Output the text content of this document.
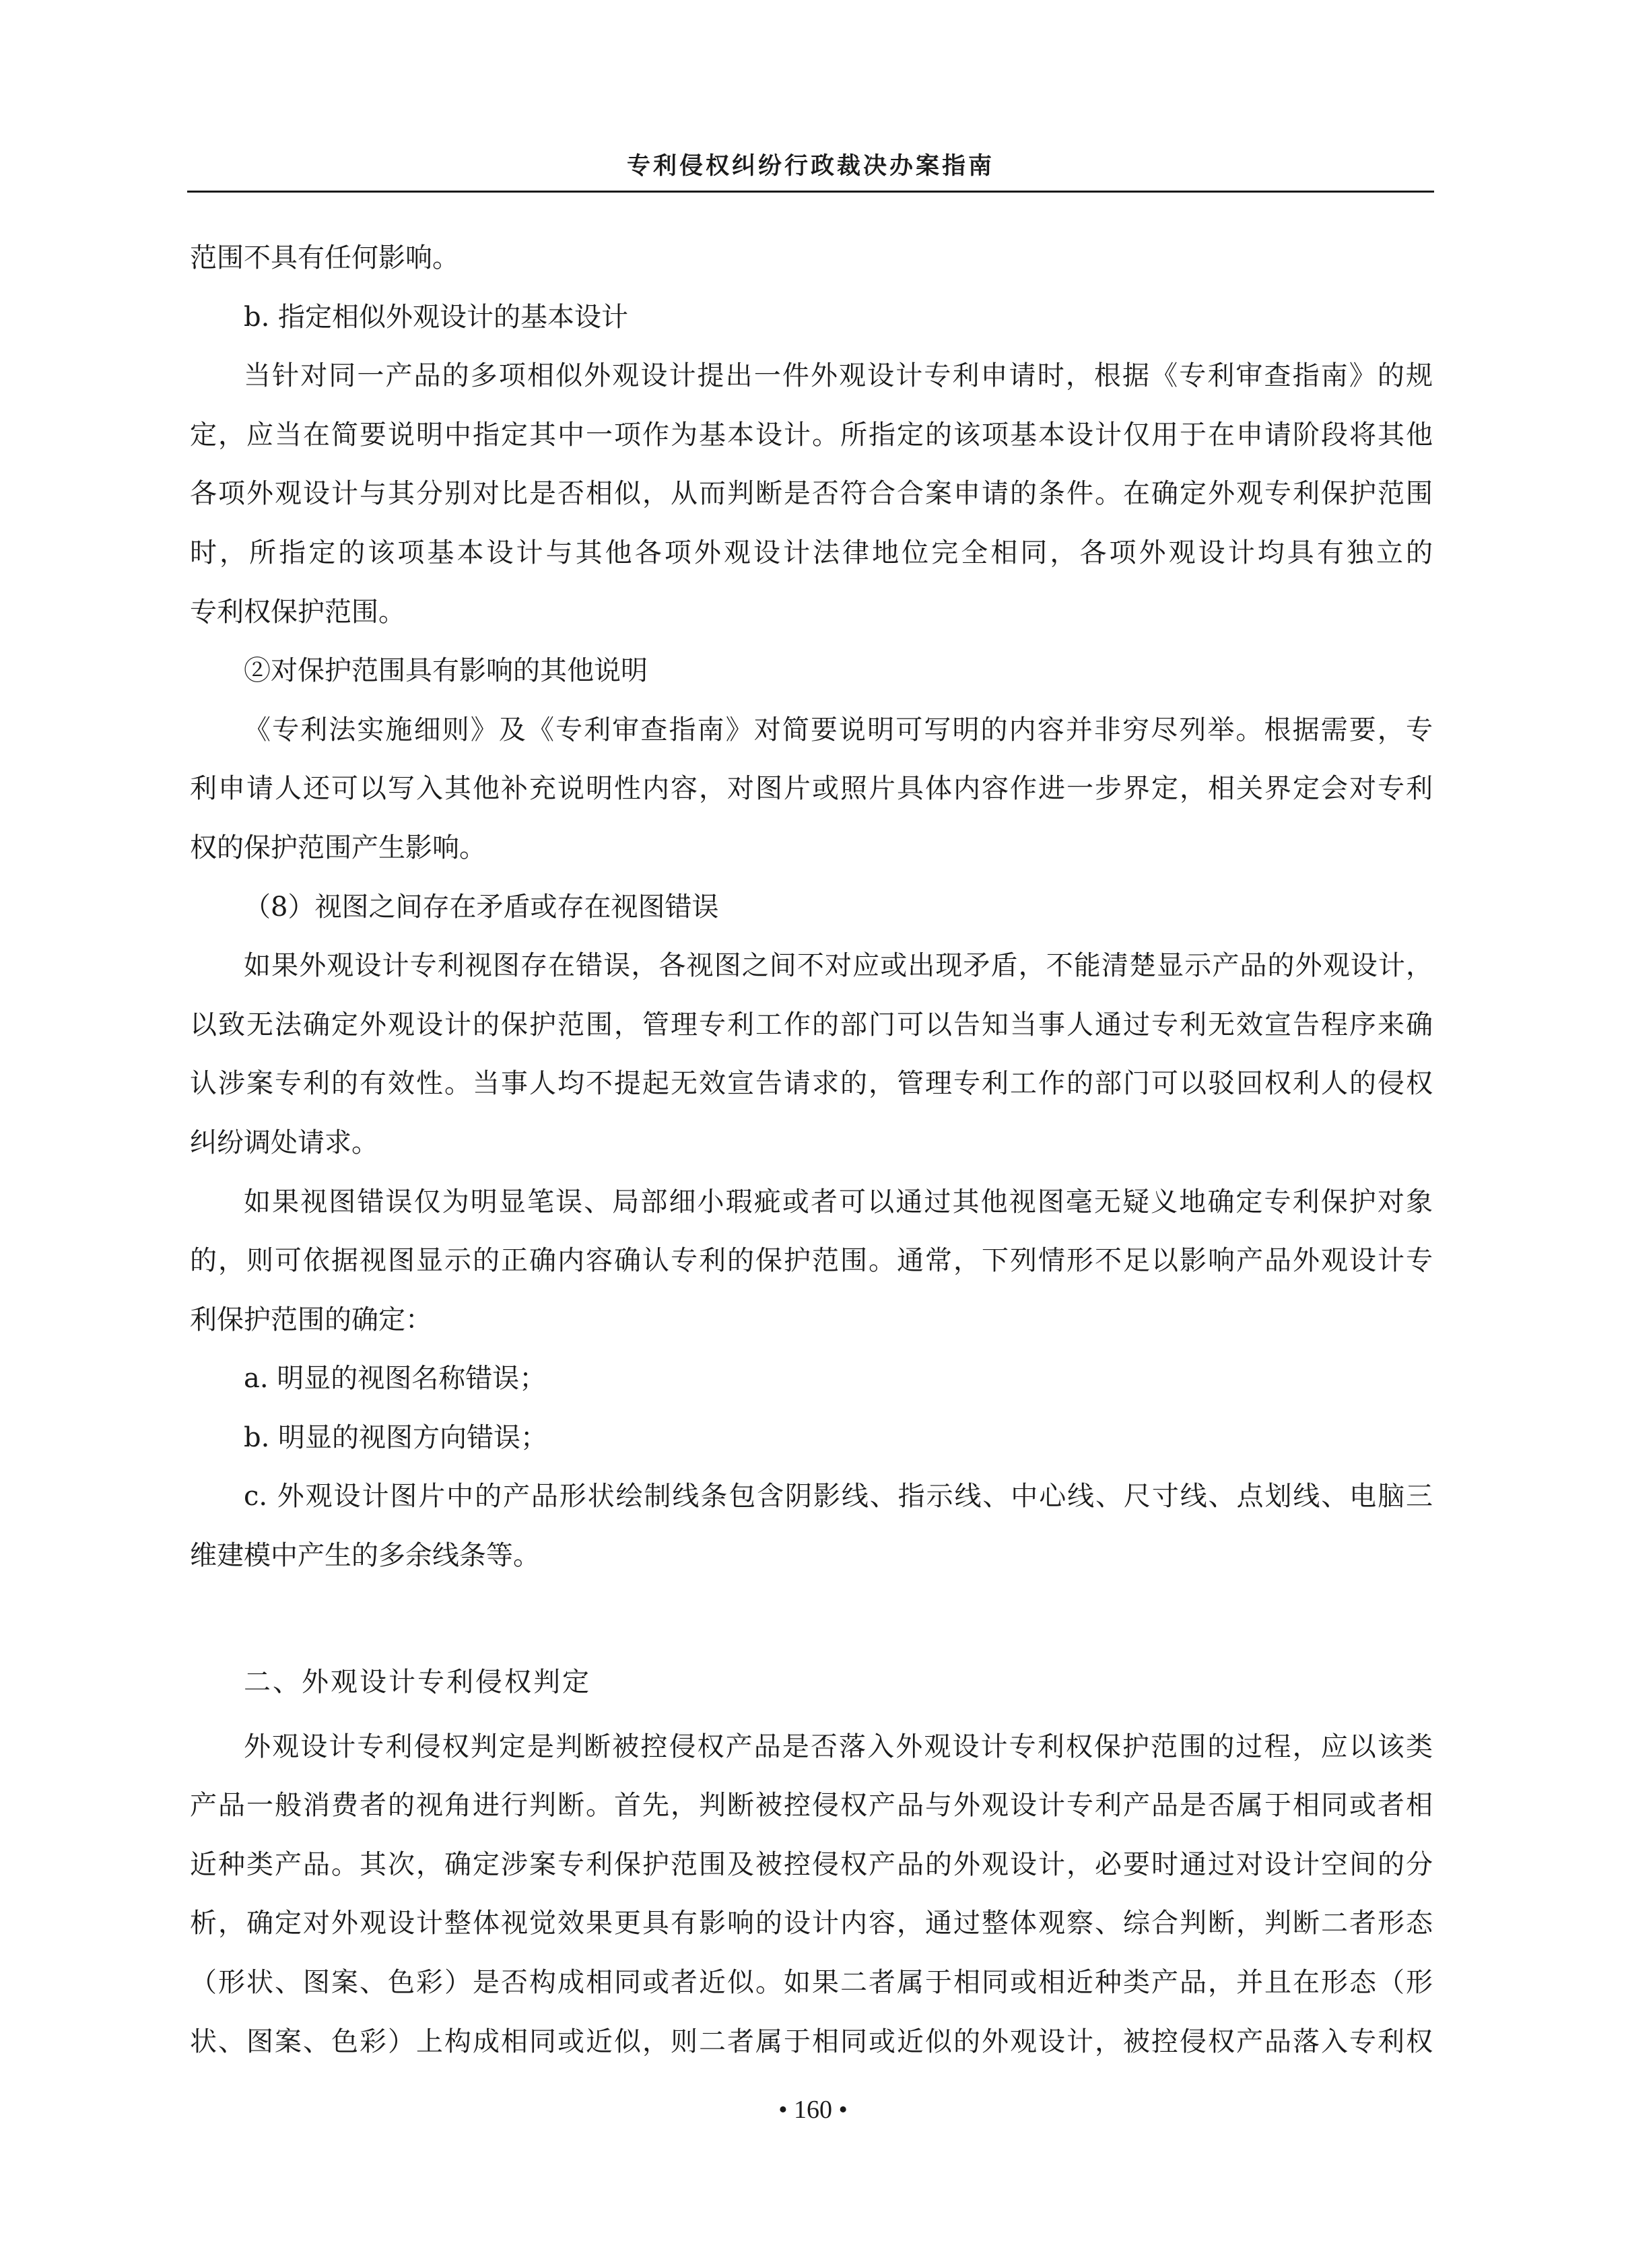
专利侵权纠纷行政裁决办案指南
范围不具有任何影响。
b. 指定相似外观设计的基本设计
当针对同一产品的多项相似外观设计提出一件外观设计专利申请时，根据《专利审查指南》的规
定，应当在简要说明中指定其中一项作为基本设计。所指定的该项基本设计仅用于在申请阶段将其他
各项外观设计与其分别对比是否相似，从而判断是否符合合案申请的条件。在确定外观专利保护范围
时，所指定的该项基本设计与其他各项外观设计法律地位完全相同，各项外观设计均具有独立的
专利权保护范围。
②对保护范围具有影响的其他说明
《专利法实施细则》及《专利审查指南》对简要说明可写明的内容并非穷尽列举。根据需要，专
利申请人还可以写入其他补充说明性内容，对图片或照片具体内容作进一步界定，相关界定会对专利
权的保护范围产生影响。
（8）视图之间存在矛盾或存在视图错误
如果外观设计专利视图存在错误，各视图之间不对应或出现矛盾，不能清楚显示产品的外观设计，
以致无法确定外观设计的保护范围，管理专利工作的部门可以告知当事人通过专利无效宣告程序来确
认涉案专利的有效性。当事人均不提起无效宣告请求的，管理专利工作的部门可以驳回权利人的侵权
纠纷调处请求。
如果视图错误仅为明显笔误、局部细小瑕疵或者可以通过其他视图毫无疑义地确定专利保护对象
的，则可依据视图显示的正确内容确认专利的保护范围。通常，下列情形不足以影响产品外观设计专
利保护范围的确定：
a. 明显的视图名称错误；
b. 明显的视图方向错误；
c. 外观设计图片中的产品形状绘制线条包含阴影线、指示线、中心线、尺寸线、点划线、电脑三
维建模中产生的多余线条等。
二、外观设计专利侵权判定
外观设计专利侵权判定是判断被控侵权产品是否落入外观设计专利权保护范围的过程，应以该类
产品一般消费者的视角进行判断。首先，判断被控侵权产品与外观设计专利产品是否属于相同或者相
近种类产品。其次，确定涉案专利保护范围及被控侵权产品的外观设计，必要时通过对设计空间的分
析，确定对外观设计整体视觉效果更具有影响的设计内容，通过整体观察、综合判断，判断二者形态
（形状、图案、色彩）是否构成相同或者近似。如果二者属于相同或相近种类产品，并且在形态（形
状、图案、色彩）上构成相同或近似，则二者属于相同或近似的外观设计，被控侵权产品落入专利权
• 160 •
